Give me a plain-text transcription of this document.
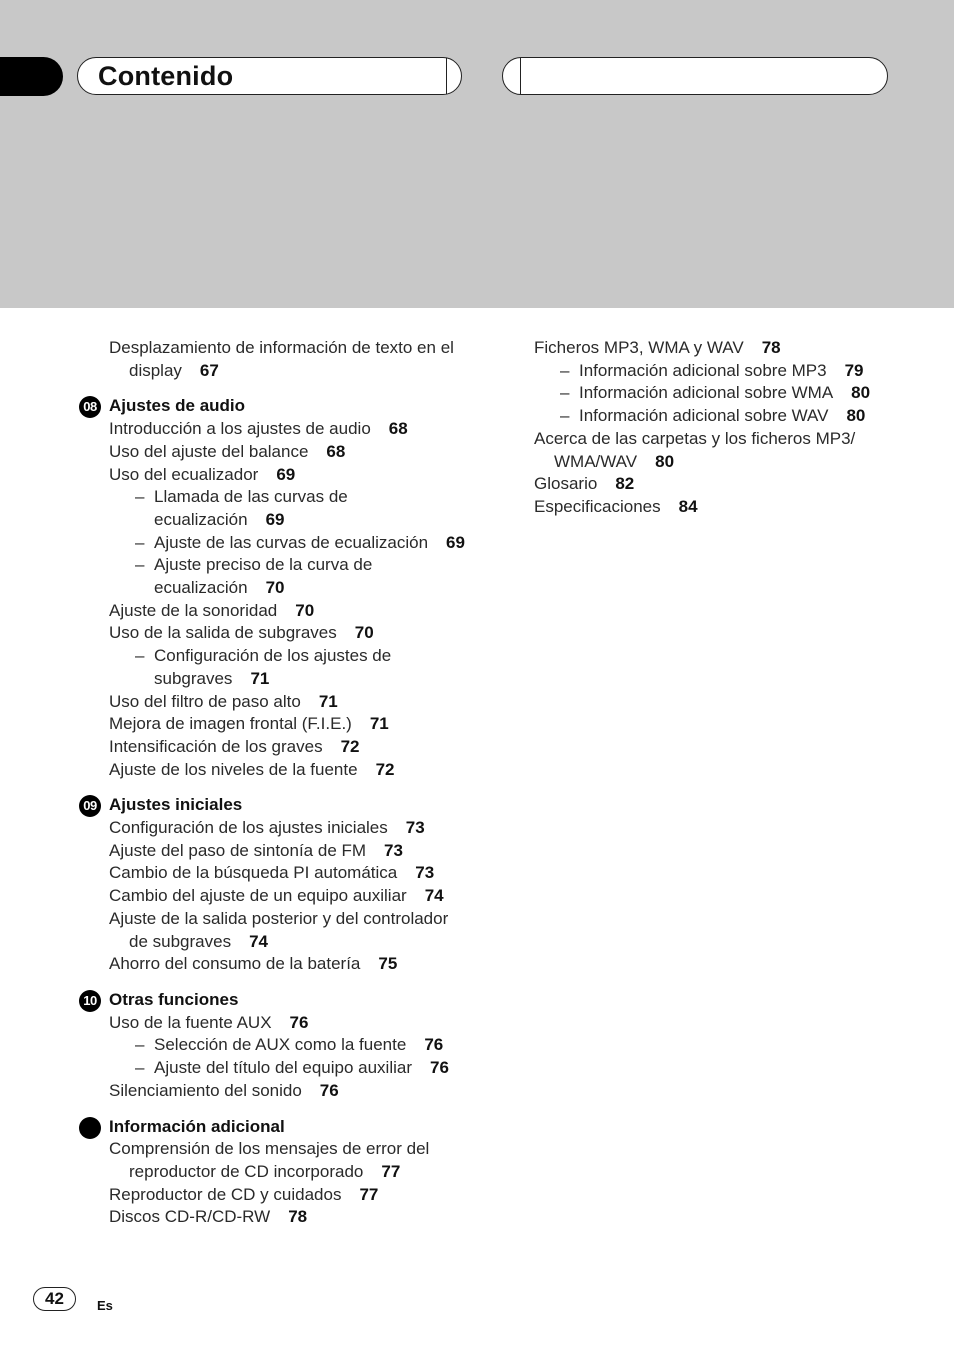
Contenido
Desplazamiento de información de texto en el display 67
08 Ajustes de audio
Introducción a los ajustes de audio 68
Uso del ajuste del balance 68
Uso del ecualizador 69
– Llamada de las curvas de ecualización 69
– Ajuste de las curvas de ecualización 69
– Ajuste preciso de la curva de ecualización 70
Ajuste de la sonoridad 70
Uso de la salida de subgraves 70
– Configuración de los ajustes de subgraves 71
Uso del filtro de paso alto 71
Mejora de imagen frontal (F.I.E.) 71
Intensificación de los graves 72
Ajuste de los niveles de la fuente 72
09 Ajustes iniciales
Configuración de los ajustes iniciales 73
Ajuste del paso de sintonía de FM 73
Cambio de la búsqueda PI automática 73
Cambio del ajuste de un equipo auxiliar 74
Ajuste de la salida posterior y del controlador de subgraves 74
Ahorro del consumo de la batería 75
10 Otras funciones
Uso de la fuente AUX 76
– Selección de AUX como la fuente 76
– Ajuste del título del equipo auxiliar 76
Silenciamiento del sonido 76
Información adicional
Comprensión de los mensajes de error del reproductor de CD incorporado 77
Reproductor de CD y cuidados 77
Discos CD-R/CD-RW 78
Ficheros MP3, WMA y WAV 78
– Información adicional sobre MP3 79
– Información adicional sobre WMA 80
– Información adicional sobre WAV 80
Acerca de las carpetas y los ficheros MP3/ WMA/WAV 80
Glosario 82
Especificaciones 84
42	Es
